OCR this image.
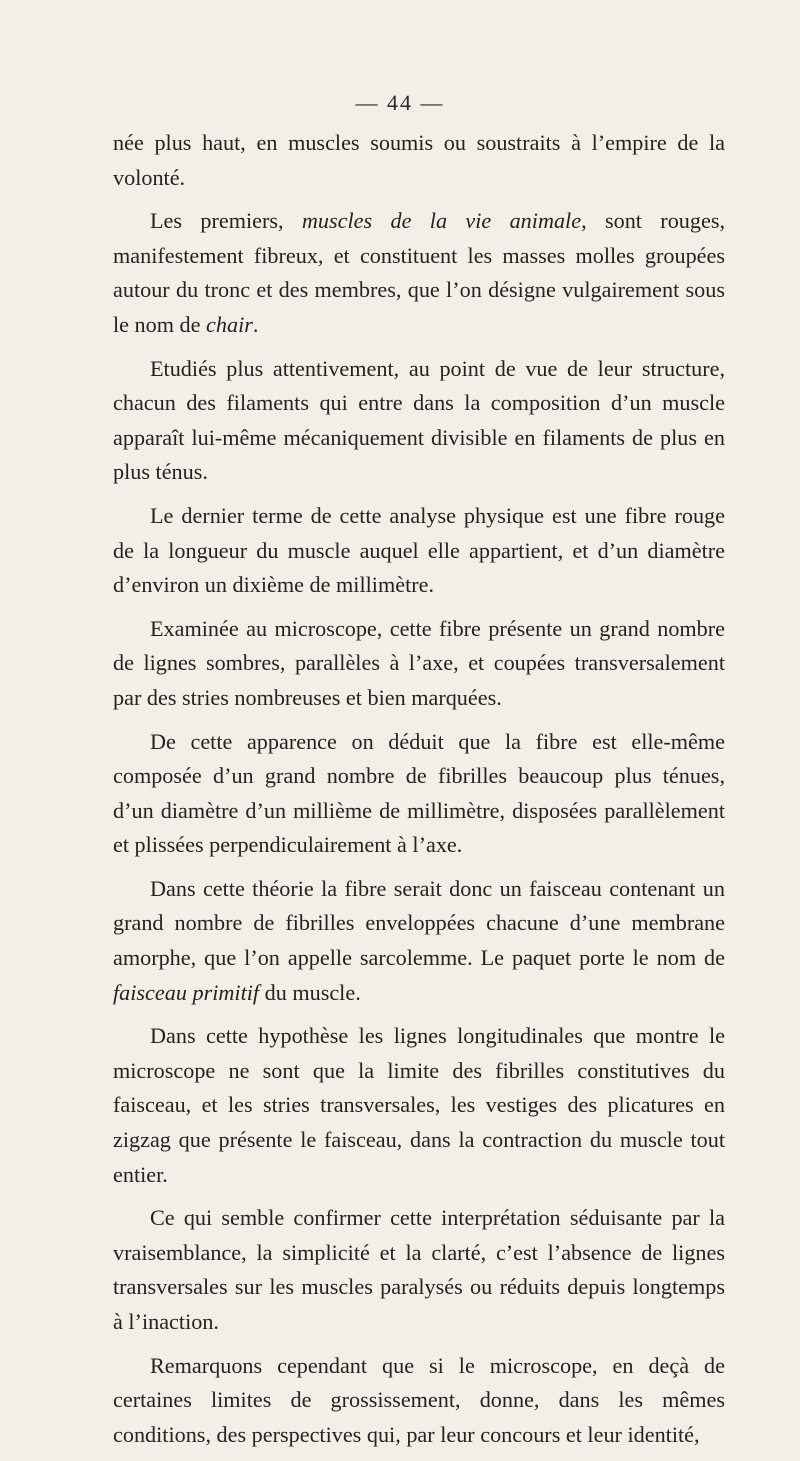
— 44 —

née plus haut, en muscles soumis ou soustraits à l’empire de la volonté.

Les premiers, muscles de la vie animale, sont rouges, manifestement fibreux, et constituent les masses molles groupées autour du tronc et des membres, que l’on désigne vulgairement sous le nom de chair.

Etudiés plus attentivement, au point de vue de leur structure, chacun des filaments qui entre dans la composition d’un muscle apparaît lui-même mécaniquement divisible en filaments de plus en plus ténus.

Le dernier terme de cette analyse physique est une fibre rouge de la longueur du muscle auquel elle appartient, et d’un diamètre d’environ un dixième de millimètre.

Examinée au microscope, cette fibre présente un grand nombre de lignes sombres, parallèles à l’axe, et coupées transversalement par des stries nombreuses et bien marquées.

De cette apparence on déduit que la fibre est elle-même composée d’un grand nombre de fibrilles beaucoup plus ténues, d’un diamètre d’un millième de millimètre, disposées parallèlement et plissées perpendiculairement à l’axe.

Dans cette théorie la fibre serait donc un faisceau contenant un grand nombre de fibrilles enveloppées chacune d’une membrane amorphe, que l’on appelle sarcolemme. Le paquet porte le nom de faisceau primitif du muscle.

Dans cette hypothèse les lignes longitudinales que montre le microscope ne sont que la limite des fibrilles constitutives du faisceau, et les stries transversales, les vestiges des plicatures en zigzag que présente le faisceau, dans la contraction du muscle tout entier.

Ce qui semble confirmer cette interprétation séduisante par la vraisemblance, la simplicité et la clarté, c’est l’absence de lignes transversales sur les muscles paralysés ou réduits depuis longtemps à l’inaction.

Remarquons cependant que si le microscope, en deçà de certaines limites de grossissement, donne, dans les mêmes conditions, des perspectives qui, par leur concours et leur identité,
